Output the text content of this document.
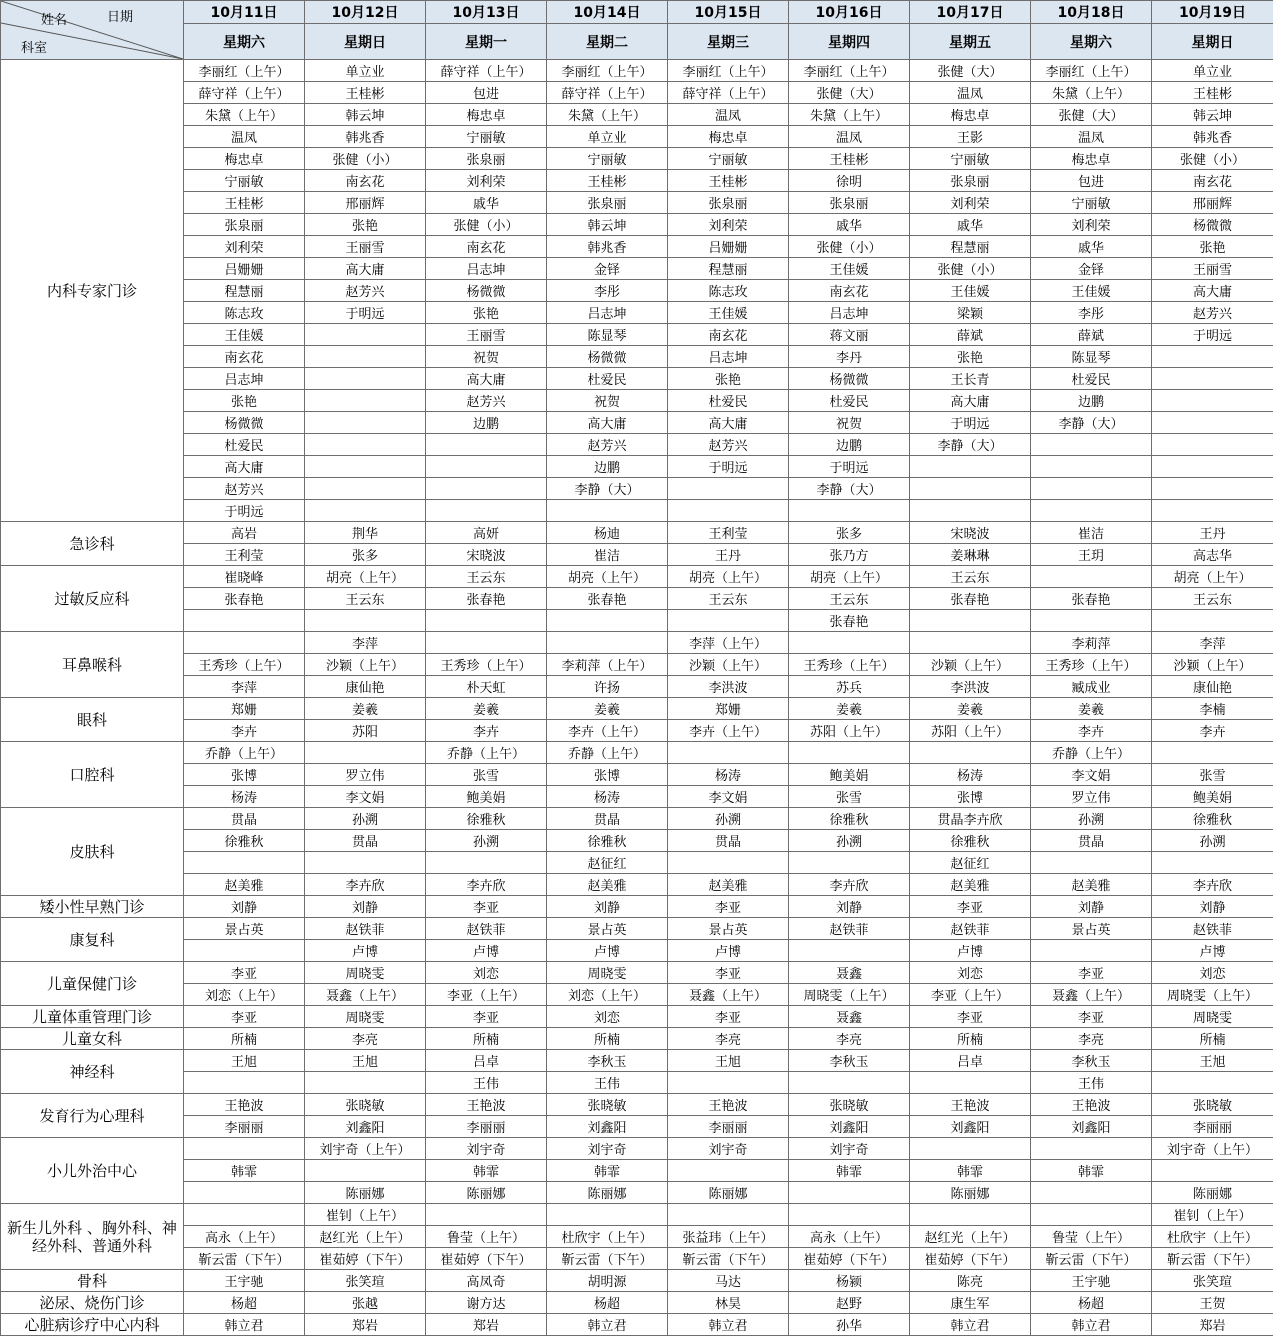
姓名 日期
科室	10月11日	10月12日	10月13日	10月14日	10月15日	10月16日	10月17日	10月18日	10月19日
	星期六	星期日	星期一	星期二	星期三	星期四	星期五	星期六	星期日
内科专家门诊	李丽红（上午）	单立业	薛守祥（上午）	李丽红（上午）	李丽红（上午）	李丽红（上午）	张健（大）	李丽红（上午）	单立业
	薛守祥（上午）	王桂彬	包进	薛守祥（上午）	薛守祥（上午）	张健（大）	温凤	朱黛（上午）	王桂彬
	朱黛（上午）	韩云坤	梅忠卓	朱黛（上午）	温凤	朱黛（上午）	梅忠卓	张健（大）	韩云坤
	温凤	韩兆香	宁丽敏	单立业	梅忠卓	温凤	王影	温凤	韩兆香
	梅忠卓	张健（小）	张泉丽	宁丽敏	宁丽敏	王桂彬	宁丽敏	梅忠卓	张健（小）
	宁丽敏	南玄花	刘利荣	王桂彬	王桂彬	徐明	张泉丽	包进	南玄花
	王桂彬	邢丽辉	戚华	张泉丽	张泉丽	张泉丽	刘利荣	宁丽敏	邢丽辉
	张泉丽	张艳	张健（小）	韩云坤	刘利荣	戚华	戚华	刘利荣	杨微微
	刘利荣	王丽雪	南玄花	韩兆香	吕姗姗	张健（小）	程慧丽	戚华	张艳
	吕姗姗	高大庸	吕志坤	金铎	程慧丽	王佳媛	张健（小）	金铎	王丽雪
	程慧丽	赵芳兴	杨微微	李彤	陈志玫	南玄花	王佳媛	王佳媛	高大庸
	陈志玫	于明远	张艳	吕志坤	王佳媛	吕志坤	梁颖	李彤	赵芳兴
	王佳媛		王丽雪	陈显琴	南玄花	蒋文丽	薛斌	薛斌	于明远
	南玄花		祝贺	杨微微	吕志坤	李丹	张艳	陈显琴	
	吕志坤		高大庸	杜爱民	张艳	杨微微	王长青	杜爱民	
	张艳		赵芳兴	祝贺	杜爱民	杜爱民	高大庸	边鹏	
	杨微微		边鹏	高大庸	高大庸	祝贺	于明远	李静（大）	
	杜爱民			赵芳兴	赵芳兴	边鹏	李静（大）		
	高大庸			边鹏	于明远	于明远			
	赵芳兴			李静（大）		李静（大）			
	于明远								
急诊科	高岩	荆华	高妍	杨迪	王利莹	张多	宋晓波	崔洁	王丹
	王利莹	张多	宋晓波	崔洁	王丹	张乃方	姜琳琳	王玥	高志华
过敏反应科	崔晓峰	胡亮（上午）	王云东	胡亮（上午）	胡亮（上午）	胡亮（上午）	王云东		胡亮（上午）
	张春艳	王云东	张春艳	张春艳	王云东	王云东	张春艳	张春艳	王云东
						张春艳			
耳鼻喉科		李萍			李萍（上午）			李莉萍	李萍
	王秀珍（上午）	沙颖（上午）	王秀珍（上午）	李莉萍（上午）	沙颖（上午）	王秀珍（上午）	沙颖（上午）	王秀珍（上午）	沙颖（上午）
	李萍	康仙艳	朴天虹	许扬	李洪波	苏兵	李洪波	臧成业	康仙艳
眼科	郑姗	姜羲	姜羲	姜羲	郑姗	姜羲	姜羲	姜羲	李楠
	李卉	苏阳	李卉	李卉（上午）	李卉（上午）	苏阳（上午）	苏阳（上午）	李卉	李卉
口腔科	乔静（上午）		乔静（上午）	乔静（上午）				乔静（上午）	
	张博	罗立伟	张雪	张博	杨涛	鲍美娟	杨涛	李文娟	张雪
	杨涛	李文娟	鲍美娟	杨涛	李文娟	张雪	张博	罗立伟	鲍美娟
皮肤科	贯晶	孙溯	徐雅秋	贯晶	孙溯	徐雅秋	贯晶李卉欣	孙溯	徐雅秋
	徐雅秋	贯晶	孙溯	徐雅秋	贯晶	孙溯	徐雅秋	贯晶	孙溯
				赵征红			赵征红		
	赵美雅	李卉欣	李卉欣	赵美雅	赵美雅	李卉欣	赵美雅	赵美雅	李卉欣
矮小性早熟门诊	刘静	刘静	李亚	刘静	李亚	刘静	李亚	刘静	刘静
康复科	景占英	赵铁菲	赵铁菲	景占英	景占英	赵铁菲	赵铁菲	景占英	赵铁菲
		卢博	卢博	卢博	卢博		卢博		卢博
儿童保健门诊	李亚	周晓雯	刘恋	周晓雯	李亚	聂鑫	刘恋	李亚	刘恋
	刘恋（上午）	聂鑫（上午）	李亚（上午）	刘恋（上午）	聂鑫（上午）	周晓雯（上午）	李亚（上午）	聂鑫（上午）	周晓雯（上午）
儿童体重管理门诊	李亚	周晓雯	李亚	刘恋	李亚	聂鑫	李亚	李亚	周晓雯
儿童女科	所楠	李亮	所楠	所楠	李亮	李亮	所楠	李亮	所楠
神经科	王旭	王旭	吕卓	李秋玉	王旭	李秋玉	吕卓	李秋玉	王旭
			王伟	王伟				王伟	
发育行为心理科	王艳波	张晓敏	王艳波	张晓敏	王艳波	张晓敏	王艳波	王艳波	张晓敏
	李丽丽	刘鑫阳	李丽丽	刘鑫阳	李丽丽	刘鑫阳	刘鑫阳	刘鑫阳	李丽丽
小儿外治中心		刘宇奇（上午）	刘宇奇	刘宇奇	刘宇奇	刘宇奇			刘宇奇（上午）
	韩霏		韩霏	韩霏		韩霏	韩霏	韩霏	
		陈丽娜	陈丽娜	陈丽娜	陈丽娜		陈丽娜		陈丽娜
新生儿外科 、胸外科、神经外科、普通外科		崔钊（上午）							崔钊（上午）
	高永（上午）	赵红光（上午）	鲁莹（上午）	杜欣宇（上午）	张益玮（上午）	高永（上午）	赵红光（上午）	鲁莹（上午）	杜欣宇（上午）
	靳云雷（下午）	崔茹婷（下午）	崔茹婷（下午）	靳云雷（下午）	靳云雷（下午）	崔茹婷（下午）	崔茹婷（下午）	靳云雷（下午）	靳云雷（下午）
骨科	王宇驰	张笑瑄	高凤奇	胡明源	马达	杨颍	陈亮	王宇驰	张笑瑄
泌尿、烧伤门诊	杨超	张越	谢方达	杨超	林昊	赵野	康生军	杨超	王贺
心脏病诊疗中心内科	韩立君	郑岩	郑岩	韩立君	韩立君	孙华	韩立君	韩立君	郑岩
